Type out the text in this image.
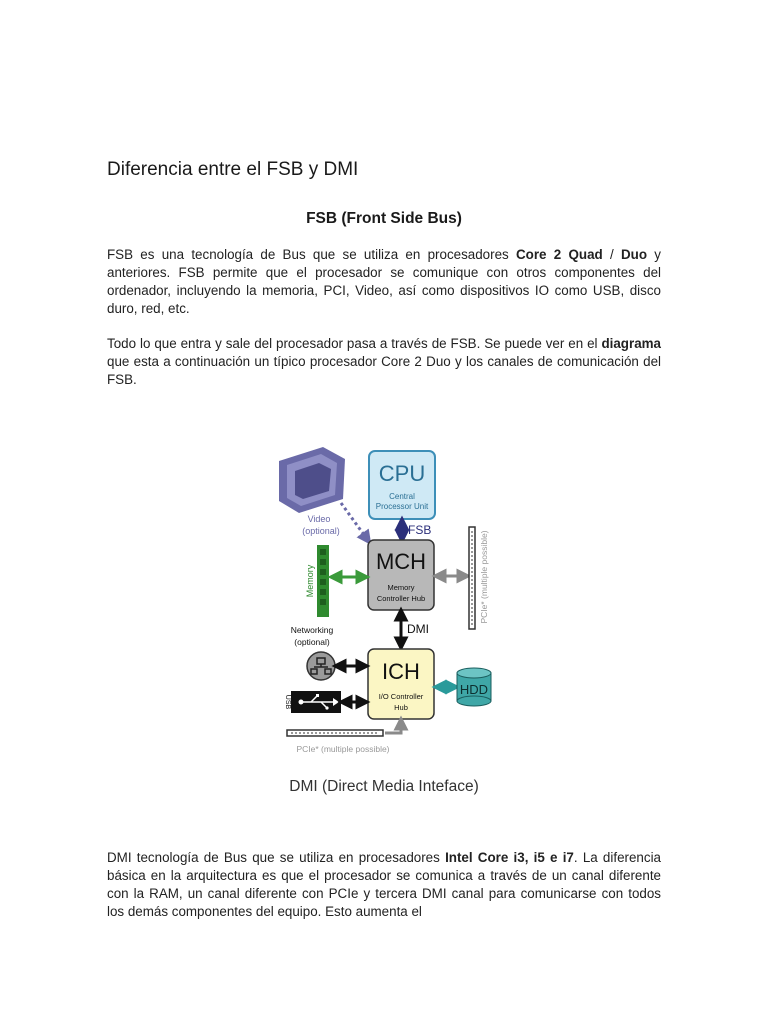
Diferencia entre el FSB y DMI
FSB (Front Side Bus)

FSB es una tecnología de Bus que se utiliza en procesadores Core 2 Quad / Duo y anteriores. FSB permite que el procesador se comunique con otros componentes del ordenador, incluyendo la memoria, PCI, Video, así como dispositivos IO como USB, disco duro, red, etc.

Todo lo que entra y sale del procesador pasa a través de FSB. Se puede ver en el diagrama que esta a continuación un típico procesador Core 2 Duo y los canales de comunicación del FSB.

Video
(optional)
CPU
Central
Processor Unit
FSB
MCH
Memory
Controller Hub
Memory	PCIe* (multiple possible)
DMI
ICH
I/O Controller
Hub
Networking
(optional)
USB
HDD
PCIe* (multiple possible)

DMI (Direct Media Inteface)

DMI tecnología de Bus que se utiliza en procesadores Intel Core i3, i5 e i7. La diferencia básica en la arquitectura es que el procesador se comunica a través de un canal diferente con la RAM, un canal diferente con PCIe y tercera DMI canal para comunicarse con todos los demás componentes del equipo. Esto aumenta el
